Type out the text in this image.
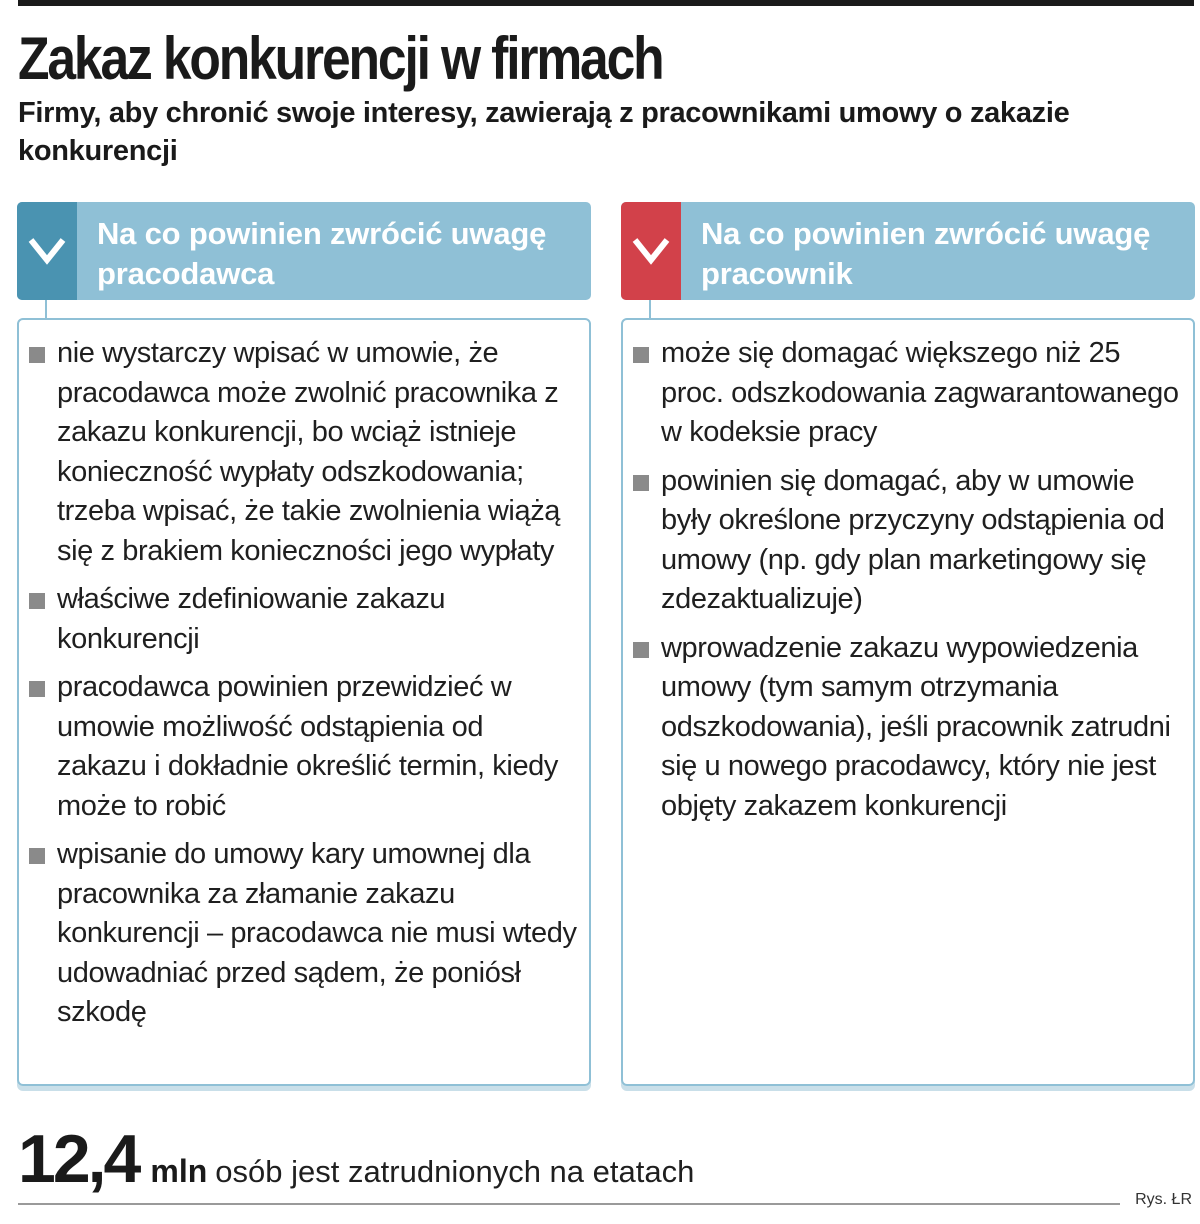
Zakaz konkurencji w firmach

Firmy, aby chronić swoje interesy, zawierają z pracownikami umowy o zakazie konkurencji

Na co powinien zwrócić uwagę pracodawca

nie wystarczy wpisać w umowie, że pracodawca może zwolnić pracownika z zakazu konkurencji, bo wciąż istnieje konieczność wypłaty odszkodowania; trzeba wpisać, że takie zwolnienia wiążą się z brakiem konieczności jego wypłaty
właściwe zdefiniowanie zakazu konkurencji
pracodawca powinien przewidzieć w umowie możliwość odstąpienia od zakazu i dokładnie określić termin, kiedy może to robić
wpisanie do umowy kary umownej dla pracownika za złamanie zakazu konkurencji – pracodawca nie musi wtedy udowadniać przed sądem, że poniósł szkodę

Na co powinien zwrócić uwagę pracownik

może się domagać większego niż 25 proc. odszkodowania zagwarantowanego w kodeksie pracy
powinien się domagać, aby w umowie były określone przyczyny odstąpienia od umowy (np. gdy plan marketingowy się zdezaktualizuje)
wprowadzenie zakazu wypowiedzenia umowy (tym samym otrzymania odszkodowania), jeśli pracownik zatrudni się u nowego pracodawcy, który nie jest objęty zakazem konkurencji
12,4 mln osób jest zatrudnionych na etatach
Rys. ŁR
